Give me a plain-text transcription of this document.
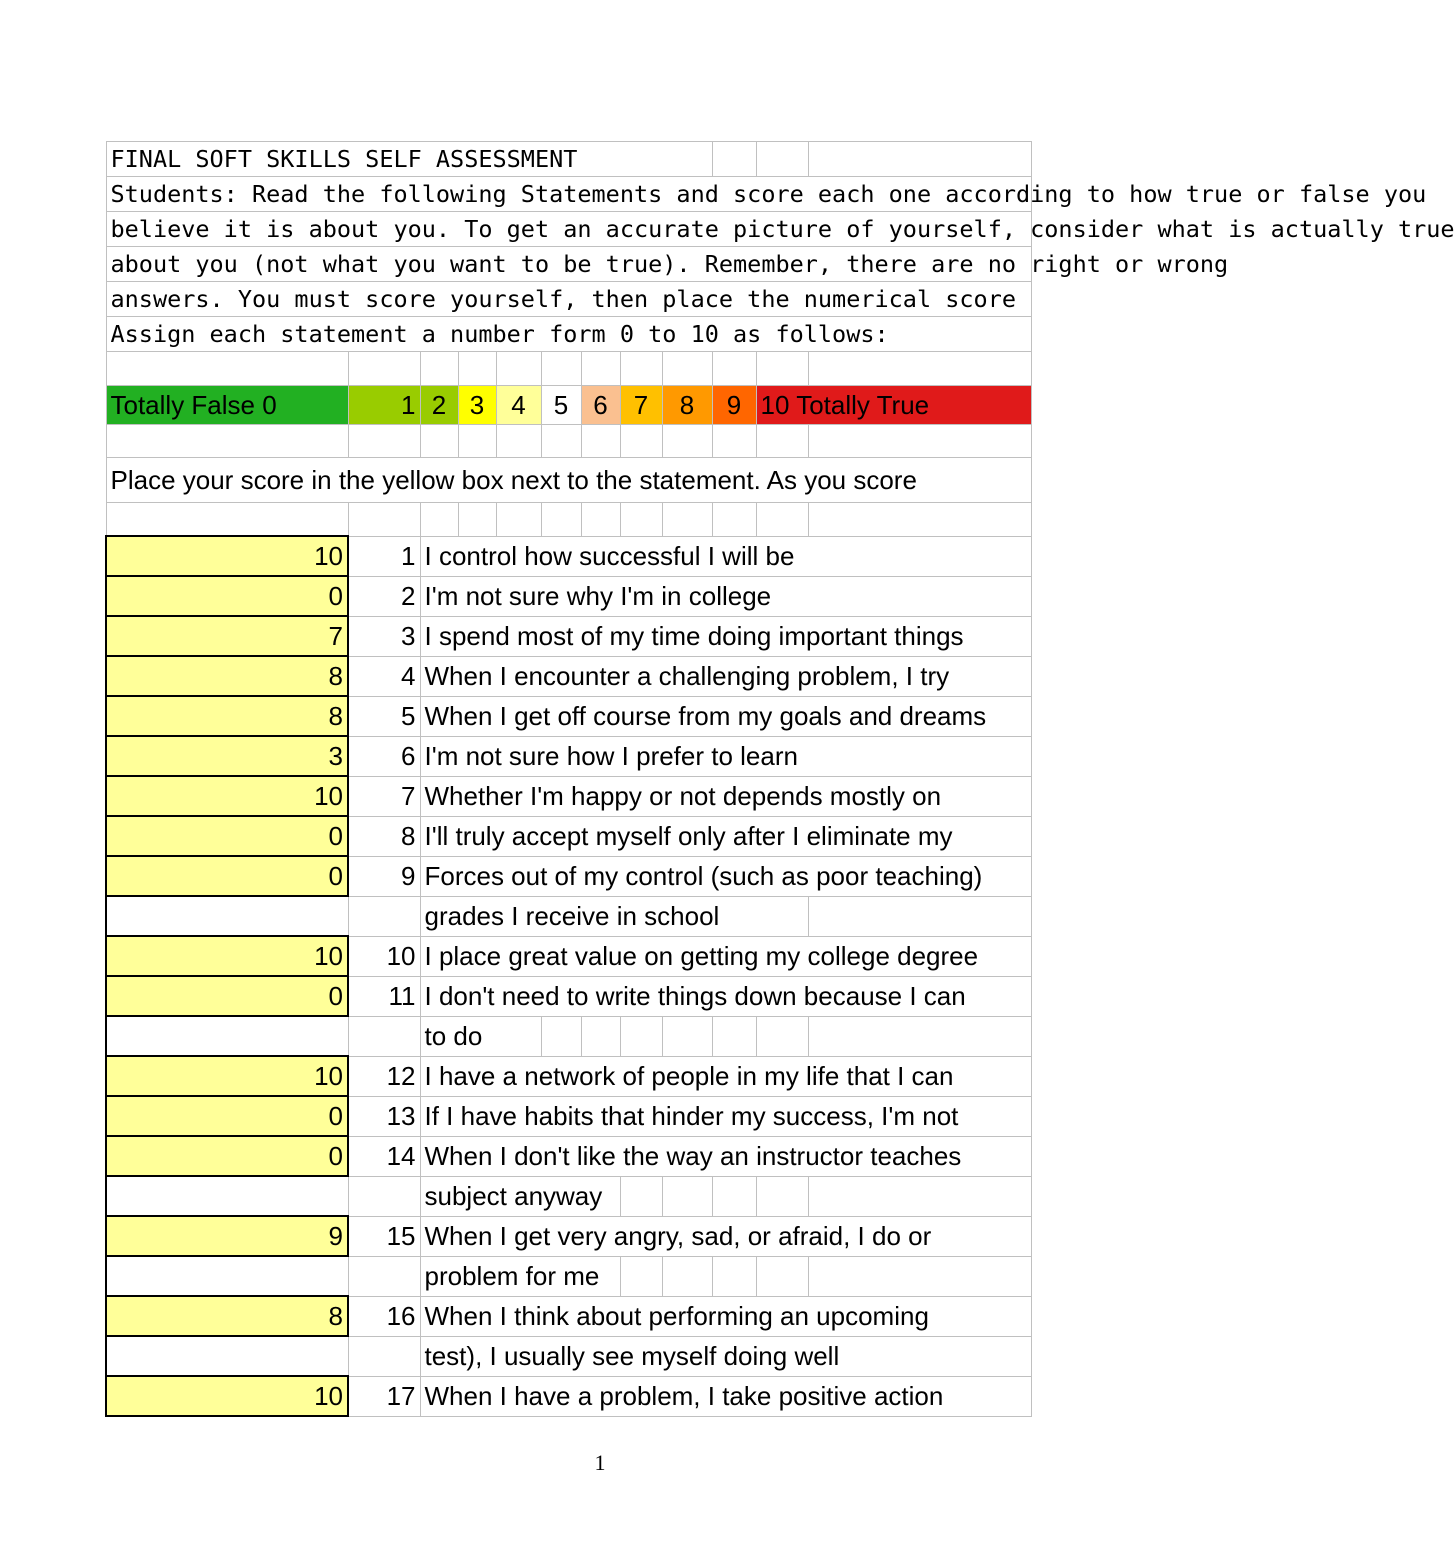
FINAL SOFT SKILLS SELF ASSESSMENT											
Students: Read the following Statements and score each one according to how true or false you											
believe it is about you. To get an accurate picture of yourself, consider what is actually true											
about you (not what you want to be true). Remember, there are no right or wrong											
answers. You must score yourself, then place the numerical score											
Assign each statement a number form 0 to 10 as follows:											

Totally False 0	1	2	3	4	5	6	7	8	9	10 Totally True	

Place your score in the yellow box next to the statement. As you score											

10	1	I control how successful I will be									
0	2	I'm not sure why I'm in college									
7	3	I spend most of my time doing important things									
8	4	When I encounter a challenging problem, I try									
8	5	When I get off course from my goals and dreams									
3	6	I'm not sure how I prefer to learn									
10	7	Whether I'm happy or not depends mostly on									
0	8	I'll truly accept myself only after I eliminate my									
0	9	Forces out of my control (such as poor teaching)									
		grades I receive in school									
10	10	I place great value on getting my college degree									
0	11	I don't need to write things down because I can									
		to do									
10	12	I have a network of people in my life that I can									
0	13	If I have habits that hinder my success, I'm not									
0	14	When I don't like the way an instructor teaches									
		subject anyway									
9	15	When I get very angry, sad, or afraid, I do or									
		problem for me									
8	16	When I think about performing an upcoming									
		test), I usually see myself doing well									
10	17	When I have a problem, I take positive action									
1
